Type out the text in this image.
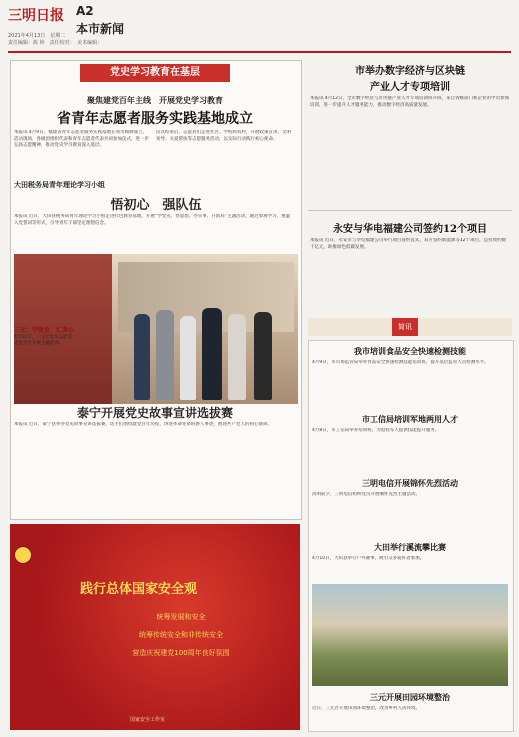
三明日报 A2
本市新闻
2021年4月13日　星期二
责任编辑：陈 婷　责任校对：　美术编辑：
党史学习教育在基层
聚焦建党百年主线　开展党史学习教育
省青年志愿者服务实践基地成立
本报讯 4月9日，福建省青年志愿者服务实践基地在我市揭牌成立。活动现场，各级团组织代表和青年志愿者代表共同参加仪式，进一步弘扬志愿精神，推动党史学习教育深入基层。
仪式结束后，志愿者们走进社区、学校和农村，开展政策宣讲、文明劝导、关爱帮扶等志愿服务活动，以实际行动践行初心使命。
大田税务局青年理论学习小组
悟初心　强队伍
本报讯 近日，大田县税务局青年理论学习小组走进红色教育基地，开展“学党史、悟思想、办实事、开新局”主题活动，通过参观学习、重温入党誓词等形式，引导青年干部坚定理想信念。
三元：学党史　汇美心
4月12日，三元区党员志愿者走进社区开展主题活动。
泰宁开展党史故事宣讲选拔赛
本报讯 近日，泰宁县举办党史故事宣讲选拔赛，选手们围绕建党百年历程，讲述革命先辈的感人事迹，展现共产党人的初心使命。
践行总体国家安全观
统筹发展和安全
统筹传统安全和非传统安全
营造庆祝建党100周年良好氛围
国家安全工作室
市举办数字经济与区块链
产业人才专项培训
本报讯 4月12日，全市数字经济与区块链产业人才专项培训班开班，来自各级部门和企业的学员参加培训，进一步提升人才服务能力，推动数字经济高质量发展。
永安与华电福建公司签约12个项目
本报讯 近日，永安市与华电福建公司举行项目签约仪式，双方签约新能源等12个项目，总投资约数十亿元，助推绿色低碳发展。
简讯
我市培训食品安全快速检测技能
4月9日，市市场监管局举办食品安全快速检测技能培训班，提升基层监管人员检测水平。
市工信局培训军地两用人才
4月8日，市工信局举办培训班，为退役军人提供技能提升服务。
三明电信开展锦怀先烈活动
清明前夕，三明电信组织党员开展缅怀先烈主题活动。
大田举行溪流攀比赛
4月10日，大田县举行户外赛事，吸引众多爱好者参加。
三元开展田园环境整治
近日，三元区开展田园环境整治，改善乡村人居环境。
